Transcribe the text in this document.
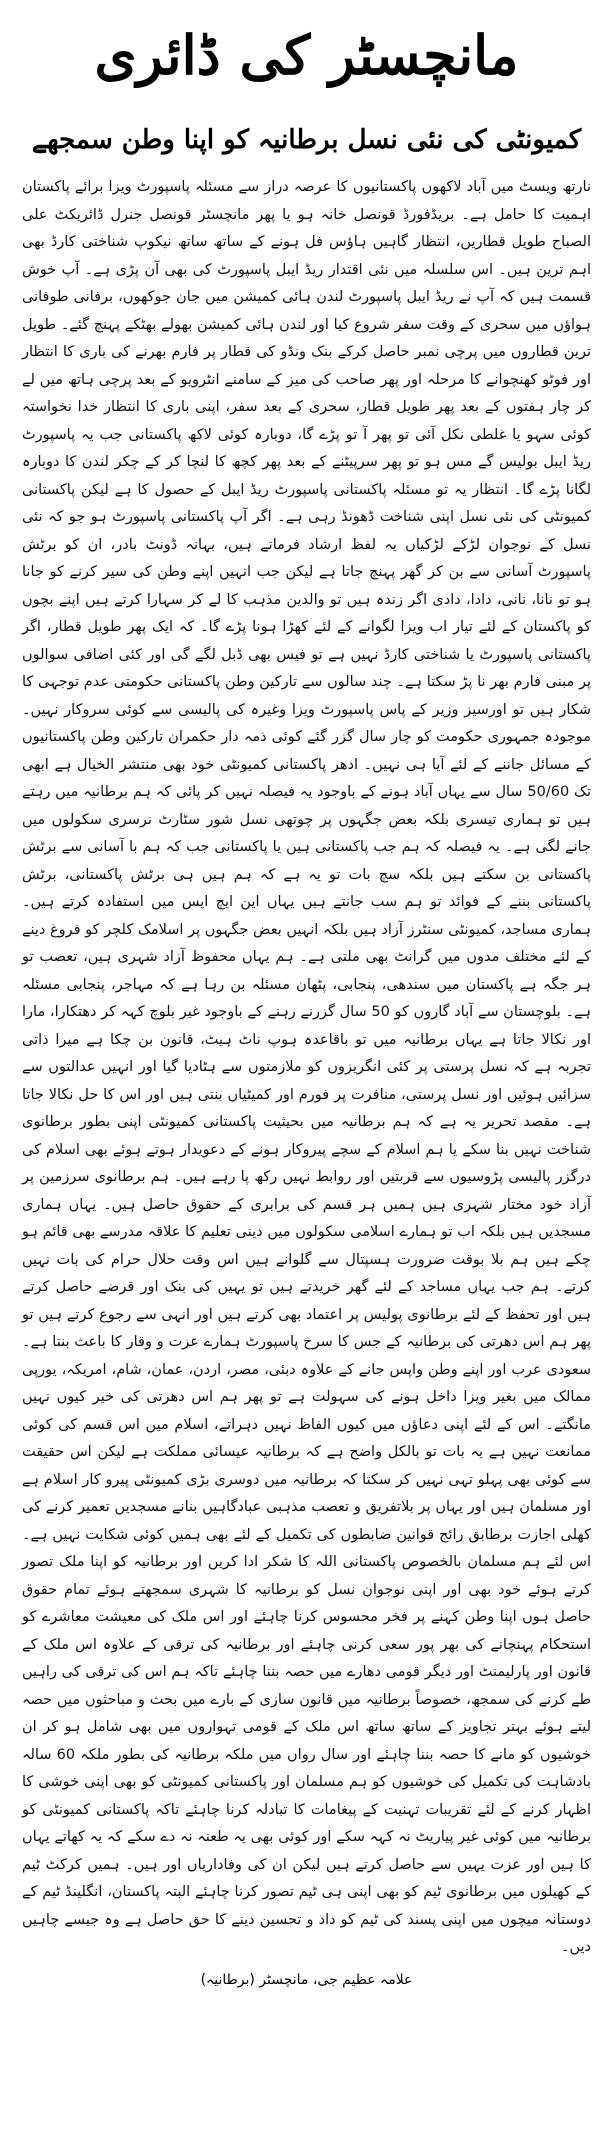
مانچسٹر کی ڈائری
کمیونٹی کی نئی نسل برطانیہ کو اپنا وطن سمجھے

نارتھ ویسٹ میں آباد لاکھوں پاکستانیوں کا عرصہ دراز سے مسئلہ پاسپورٹ ویزا برائے پاکستان اہمیت کا حامل ہے۔ بریڈفورڈ قونصل خانہ ہو یا پھر مانچسٹر قونصل جنرل ڈائریکٹ علی الصباح طویل قطاریں، انتظار گاہیں ہاؤس فل ہونے کے ساتھ ساتھ نیکوپ شناختی کارڈ بھی اہم ترین ہیں۔ اس سلسلہ میں نئی اقتدار ریڈ ایبل پاسپورٹ کی بھی آن پڑی ہے۔ آپ خوش قسمت ہیں کہ آپ نے ریڈ ایبل پاسپورٹ لندن ہائی کمیشن میں جان جوکھوں، برفانی طوفانی ہواؤں میں سحری کے وقت سفر شروع کیا اور لندن ہائی کمیشن بھولے بھٹکے پہنچ گئے۔ طویل ترین قطاروں میں پرچی نمبر حاصل کرکے بنک ونڈو کی قطار پر فارم بھرنے کی باری کا انتظار اور فوٹو کھنچوانے کا مرحلہ اور پھر صاحب کی میز کے سامنے انٹرویو کے بعد پرچی ہاتھ میں لے کر چار ہفتوں کے بعد پھر طویل قطار، سحری کے بعد سفر، اپنی باری کا انتظار خدا نخواستہ کوئی سہو یا غلطی نکل آئی تو پھر آ تو پڑے گا، دوبارہ کوئی لاکھ پاکستانی جب یہ پاسپورٹ ریڈ ایبل بولیس گے مس ہو تو پھر سرپیٹنے کے بعد پھر کچھ کا لنچا کر کے چکر لندن کا دوبارہ لگانا پڑے گا۔ انتظار یہ تو مسئلہ پاکستانی پاسپورٹ ریڈ ایبل کے حصول کا ہے لیکن پاکستانی کمیونٹی کی نئی نسل اپنی شناخت ڈھونڈ رہی ہے۔ اگر آپ پاکستانی پاسپورٹ ہو جو کہ نئی نسل کے نوجوان لڑکے لڑکیاں یہ لفظ ارشاد فرماتے ہیں، بہانہ ڈونٹ بادر، ان کو برٹش پاسپورٹ آسانی سے بن کر گھر پہنچ جاتا ہے لیکن جب انہیں اپنے وطن کی سیر کرنے کو جانا ہو تو نانا، نانی، دادا، دادی اگر زندہ ہیں تو والدین مذہب کا لے کر سہارا کرتے ہیں اپنے بچوں کو پاکستان کے لئے تیار اب ویزا لگوانے کے لئے کھڑا ہونا پڑے گا۔ کہ ایک پھر طویل قطار، اگر پاکستانی پاسپورٹ یا شناختی کارڈ نہیں ہے تو فیس بھی ڈبل لگے گی اور کئی اضافی سوالوں پر مبنی فارم بھر نا پڑ سکتا ہے۔ چند سالوں سے تارکین وطن پاکستانی حکومتی عدم توجہی کا شکار ہیں تو اورسیز وزیر کے پاس پاسپورٹ ویزا وغیرہ کی پالیسی سے کوئی سروکار نہیں۔ موجودہ جمہوری حکومت کو چار سال گزر گئے کوئی ذمہ دار حکمران تارکین وطن پاکستانیوں کے مسائل جاننے کے لئے آیا ہی نہیں۔ ادھر پاکستانی کمیونٹی خود بھی منتشر الخیال ہے ابھی تک 50/60 سال سے یہاں آباد ہونے کے باوجود یہ فیصلہ نہیں کر پائی کہ ہم برطانیہ میں رہتے ہیں تو ہماری تیسری بلکہ بعض جگہوں پر چوتھی نسل شور سٹارٹ نرسری سکولوں میں جانے لگی ہے۔ یہ فیصلہ کہ ہم جب پاکستانی ہیں یا پاکستانی جب کہ ہم با آسانی سے برٹش پاکستانی بن سکتے ہیں بلکہ سچ بات تو یہ ہے کہ ہم ہیں ہی برٹش پاکستانی، برٹش پاکستانی بننے کے فوائد تو ہم سب جانتے ہیں یہاں این ایچ ایس میں استفادہ کرتے ہیں۔ ہماری مساجد، کمیونٹی سنٹرز آزاد ہیں بلکہ انہیں بعض جگہوں پر اسلامک کلچر کو فروغ دینے کے لئے مختلف مدوں میں گرانٹ بھی ملتی ہے۔ ہم یہاں محفوظ آزاد شہری ہیں، تعصب تو ہر جگہ ہے پاکستان میں سندھی، پنجابی، پٹھان مسئلہ بن رہا ہے کہ مہاجر، پنجابی مسئلہ ہے۔ بلوچستان سے آباد گاروں کو 50 سال گزرنے رہنے کے باوجود غیر بلوچ کہہ کر دھتکارا، مارا اور نکالا جاتا ہے یہاں برطانیہ میں تو باقاعدہ ہوپ ناٹ ہیٹ، قانون بن چکا ہے میرا ذاتی تجربہ ہے کہ نسل پرستی پر کئی انگریزوں کو ملازمتوں سے ہٹادیا گیا اور انہیں عدالتوں سے سزائیں ہوئیں اور نسل پرستی، منافرت پر فورم اور کمیٹیاں بنتی ہیں اور اس کا حل نکالا جاتا ہے۔ مقصد تحریر یہ ہے کہ ہم برطانیہ میں بحیثیت پاکستانی کمیونٹی اپنی بطور برطانوی شناخت نہیں بنا سکے یا ہم اسلام کے سچے پیروکار ہونے کے دعویدار ہوتے ہوئے بھی اسلام کی درگزر پالیسی پڑوسیوں سے قربتیں اور روابط نہیں رکھ پا رہے ہیں۔ ہم برطانوی سرزمین پر آزاد خود مختار شہری ہیں ہمیں ہر قسم کی برابری کے حقوق حاصل ہیں۔ یہاں ہماری مسجدیں ہیں بلکہ اب تو ہمارے اسلامی سکولوں میں دینی تعلیم کا علاقہ مدرسے بھی قائم ہو چکے ہیں ہم بلا بوقت ضرورت ہسپتال سے گلوانے ہیں اس وقت حلال حرام کی بات نہیں کرتے۔ ہم جب یہاں مساجد کے لئے گھر خریدتے ہیں تو یہیں کی بنک اور قرضے حاصل کرتے ہیں اور تحفظ کے لئے برطانوی پولیس پر اعتماد بھی کرتے ہیں اور انہی سے رجوع کرتے ہیں تو پھر ہم اس دھرتی کی برطانیہ کے جس کا سرخ پاسپورٹ ہمارے عزت و وقار کا باعث بنتا ہے۔ سعودی عرب اور اپنے وطن واپس جانے کے علاوہ دبئی، مصر، اردن، عمان، شام، امریکہ، یورپی ممالک میں بغیر ویزا داخل ہونے کی سہولت ہے تو پھر ہم اس دھرتی کی خیر کیوں نہیں مانگتے۔ اس کے لئے اپنی دعاؤں میں کیوں الفاظ نہیں دہراتے، اسلام میں اس قسم کی کوئی ممانعت نہیں ہے یہ بات تو بالکل واضح ہے کہ برطانیہ عیسائی مملکت ہے لیکن اس حقیقت سے کوئی بھی پہلو تہی نہیں کر سکتا کہ برطانیہ میں دوسری بڑی کمیونٹی پیرو کار اسلام ہے اور مسلمان ہیں اور یہاں پر بلاتفریق و تعصب مذہبی عبادگاہیں بنانے مسجدیں تعمیر کرنے کی کھلی اجازت برطابق رائج قوانین ضابطوں کی تکمیل کے لئے بھی ہمیں کوئی شکایت نہیں ہے۔ اس لئے ہم مسلمان بالخصوص پاکستانی اللہ کا شکر ادا کریں اور برطانیہ کو اپنا ملک تصور کرتے ہوئے خود بھی اور اپنی نوجوان نسل کو برطانیہ کا شہری سمجھتے ہوئے تمام حقوق حاصل ہوں اپنا وطن کہنے پر فخر محسوس کرنا چاہئے اور اس ملک کی معیشت معاشرے کو استحکام پہنچانے کی بھر پور سعی کرنی چاہئے اور برطانیہ کی ترقی کے علاوہ اس ملک کے قانون اور پارلیمنٹ اور دیگر قومی دھارے میں حصہ بننا چاہئے تاکہ ہم اس کی ترقی کی راہیں طے کرنے کی سمجھ، خصوصاً برطانیہ میں قانون سازی کے بارے میں بحث و مباحثوں میں حصہ لیتے ہوئے بہتر تجاویز کے ساتھ ساتھ اس ملک کے قومی تہواروں میں بھی شامل ہو کر ان خوشیوں کو مانے کا حصہ بننا چاہئے اور سال رواں میں ملکہ برطانیہ کی بطور ملکہ 60 سالہ بادشاہت کی تکمیل کی خوشیوں کو ہم مسلمان اور پاکستانی کمیونٹی کو بھی اپنی خوشی کا اظہار کرنے کے لئے تقریبات تہنیت کے پیغامات کا تبادلہ کرنا چاہئے تاکہ پاکستانی کمیونٹی کو برطانیہ میں کوئی غیر پیاریٹ نہ کہہ سکے اور کوئی بھی یہ طعنہ نہ دے سکے کہ یہ کھاتے یہاں کا ہیں اور عزت یہیں سے حاصل کرتے ہیں لیکن ان کی وفاداریاں اور ہیں۔ ہمیں کرکٹ ٹیم کے کھیلوں میں برطانوی ٹیم کو بھی اپنی ہی ٹیم تصور کرنا چاہئے البتہ پاکستان، انگلینڈ ٹیم کے دوستانہ میچوں میں اپنی پسند کی ٹیم کو داد و تحسین دینے کا حق حاصل ہے وہ جیسے چاہیں دیں۔

علامہ عظیم جی، مانچسٹر (برطانیہ)
